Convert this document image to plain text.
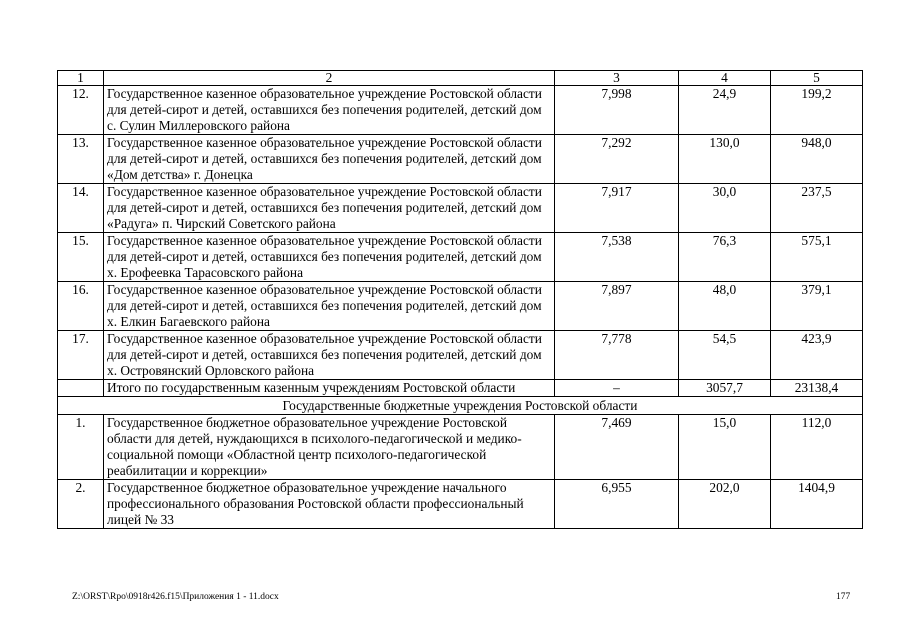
1	2	3	4	5
12.	Государственное казенное образовательное учреждение Ростовской области для детей-сирот и детей, оставшихся без попечения родителей, детский дом с. Сулин Миллеровского района	7,998	24,9	199,2
13.	Государственное казенное образовательное учреждение Ростовской области для детей-сирот и детей, оставшихся без попечения родителей, детский дом «Дом детства» г. Донецка	7,292	130,0	948,0
14.	Государственное казенное образовательное учреждение Ростовской области для детей-сирот и детей, оставшихся без попечения родителей, детский дом «Радуга» п. Чирский Советского района	7,917	30,0	237,5
15.	Государственное казенное образовательное учреждение Ростовской области для детей-сирот и детей, оставшихся без попечения родителей, детский дом х. Ерофеевка Тарасовского района	7,538	76,3	575,1
16.	Государственное казенное образовательное учреждение Ростовской области для детей-сирот и детей, оставшихся без попечения родителей, детский дом х. Елкин Багаевского района	7,897	48,0	379,1
17.	Государственное казенное образовательное учреждение Ростовской области для детей-сирот и детей, оставшихся без попечения родителей, детский дом х. Островянский Орловского района	7,778	54,5	423,9
	Итого по государственным казенным учреждениям Ростовской области	–	3057,7	23138,4
Государственные бюджетные учреждения Ростовской области				
1.	Государственное бюджетное образовательное учреждение Ростовской области для детей, нуждающихся в психолого-педагогической и медико-социальной помощи «Областной центр психолого-педагогической реабилитации и коррекции»	7,469	15,0	112,0
2.	Государственное бюджетное образовательное учреждение начального профессионального образования Ростовской области профессиональный лицей № 33	6,955	202,0	1404,9
Z:\ORST\Rpo\0918r426.f15\Приложения 1 - 11.docx	177
